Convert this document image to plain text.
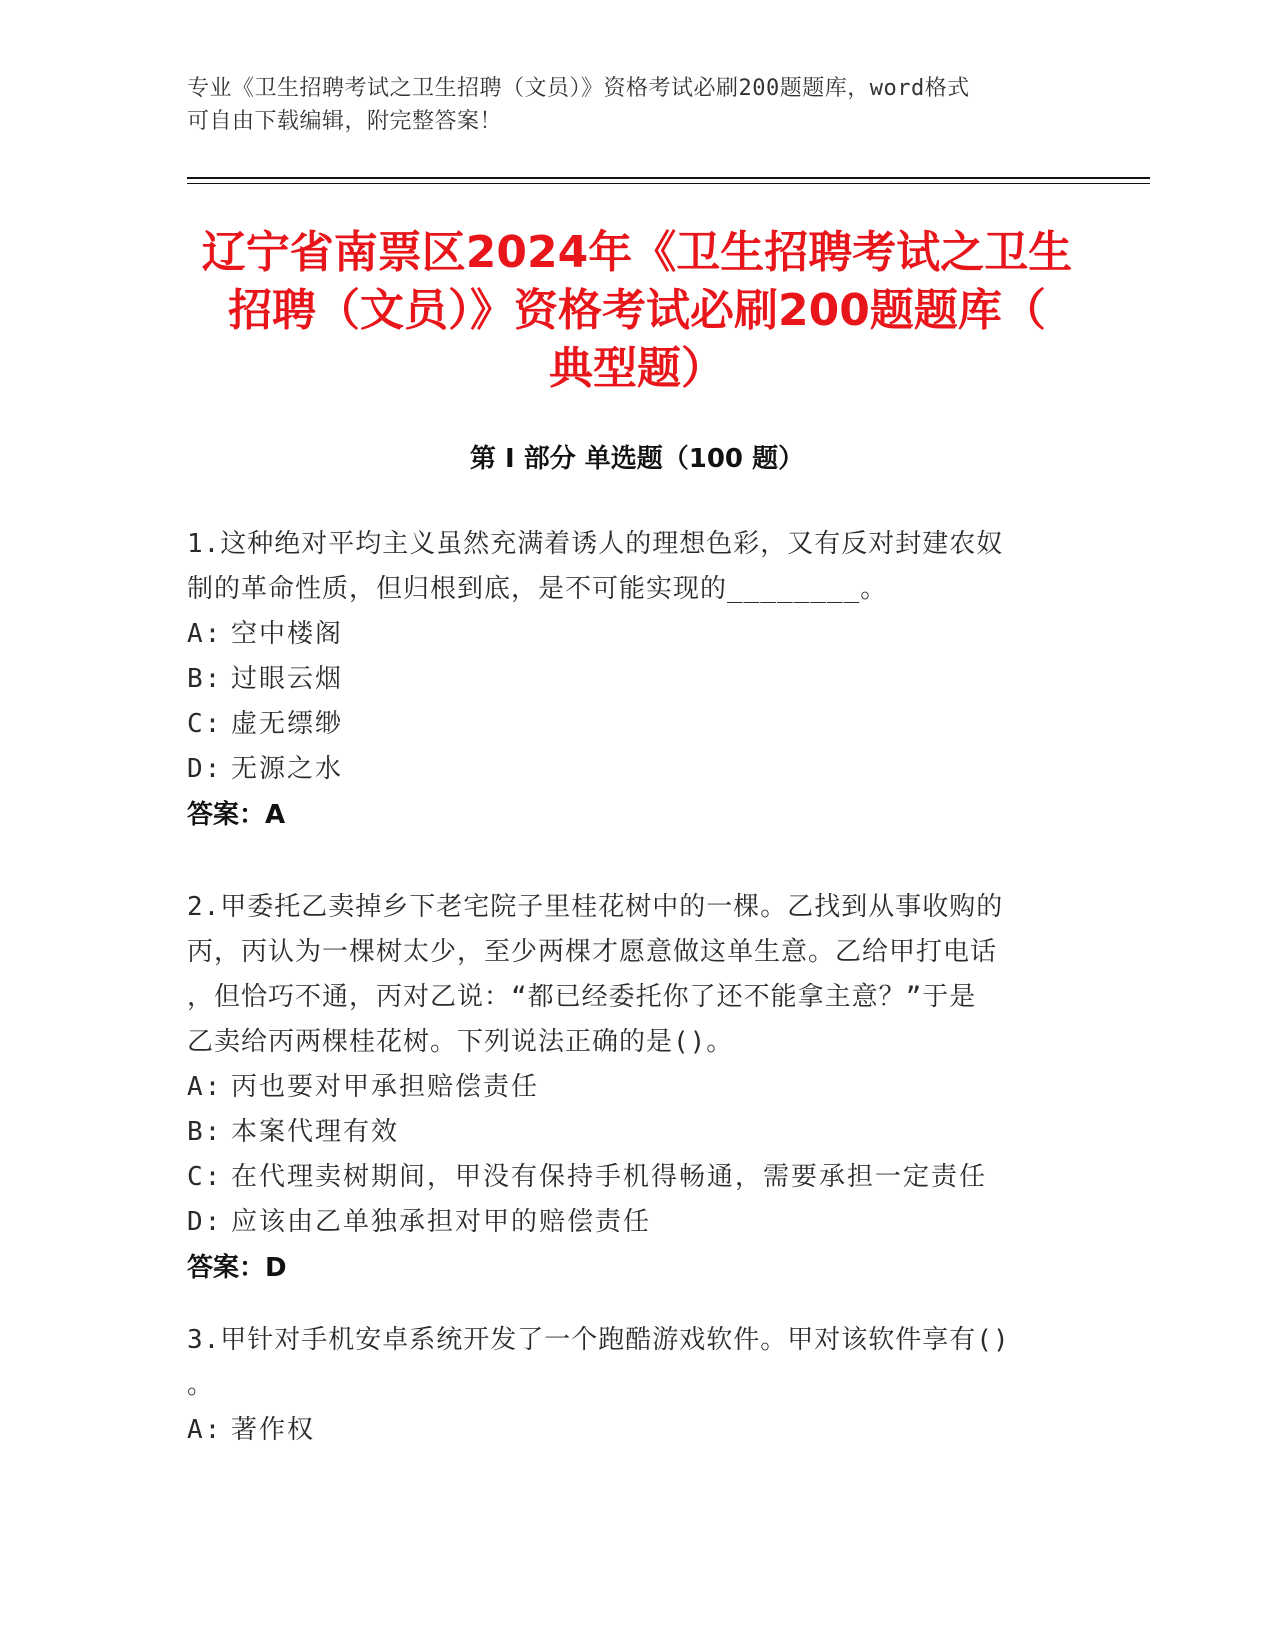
专业《卫生招聘考试之卫生招聘（文员）》资格考试必刷200题题库，word格式
可自由下载编辑，附完整答案！
辽宁省南票区2024年《卫生招聘考试之卫生
招聘（文员）》资格考试必刷200题题库（
典型题）
第 I 部分 单选题（100 题）
1.这种绝对平均主义虽然充满着诱人的理想色彩，又有反对封建农奴
制的革命性质，但归根到底，是不可能实现的________。
A: 空中楼阁
B: 过眼云烟
C: 虚无缥缈
D: 无源之水
答案：A
2.甲委托乙卖掉乡下老宅院子里桂花树中的一棵。乙找到从事收购的
丙，丙认为一棵树太少，至少两棵才愿意做这单生意。乙给甲打电话
，但恰巧不通，丙对乙说：“都已经委托你了还不能拿主意？”于是
乙卖给丙两棵桂花树。下列说法正确的是()。
A: 丙也要对甲承担赔偿责任
B: 本案代理有效
C: 在代理卖树期间，甲没有保持手机得畅通，需要承担一定责任
D: 应该由乙单独承担对甲的赔偿责任
答案：D
3.甲针对手机安卓系统开发了一个跑酷游戏软件。甲对该软件享有()
。
A: 著作权
